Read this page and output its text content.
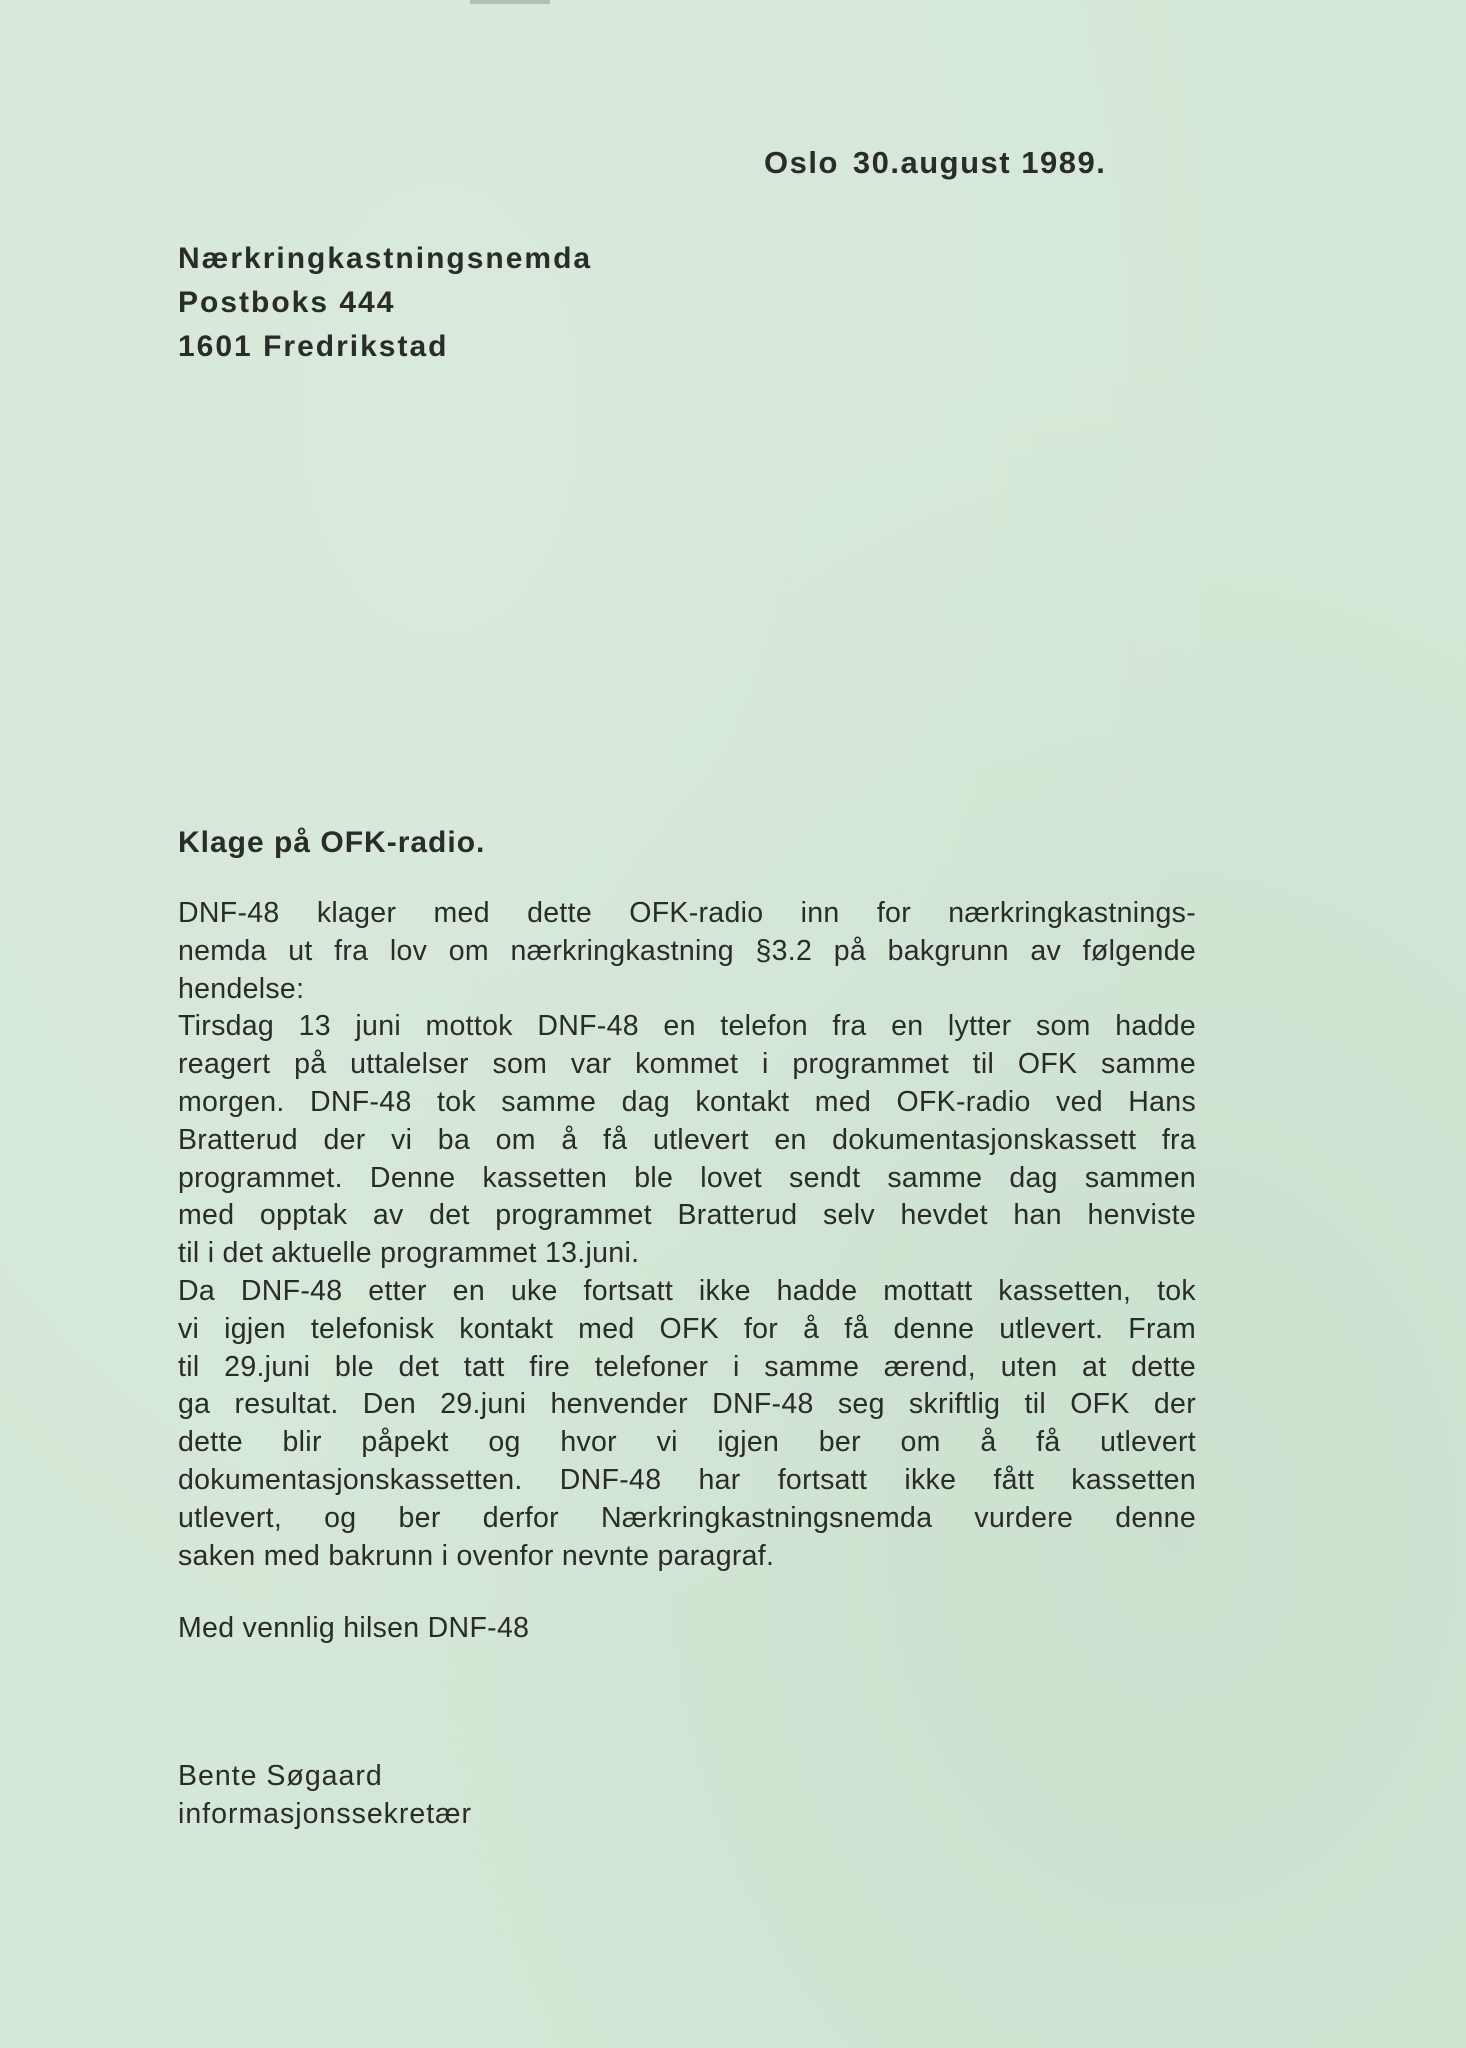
Oslo 30.august 1989.
Nærkringkastningsnemda
Postboks 444
1601 Fredrikstad
Klage på OFK-radio.
DNF-48 klager med dette OFK-radio inn for nærkringkastnings-
nemda ut fra lov om nærkringkastning §3.2 på bakgrunn av følgende
hendelse:
Tirsdag 13 juni mottok DNF-48 en telefon fra en lytter som hadde
reagert på uttalelser som var kommet i programmet til OFK samme
morgen. DNF-48 tok samme dag kontakt med OFK-radio ved Hans
Bratterud der vi ba om å få utlevert en dokumentasjonskassett fra
programmet. Denne kassetten ble lovet sendt samme dag sammen
med opptak av det programmet Bratterud selv hevdet han henviste
til i det aktuelle programmet 13.juni.
Da DNF-48 etter en uke fortsatt ikke hadde mottatt kassetten, tok
vi igjen telefonisk kontakt med OFK for å få denne utlevert. Fram
til 29.juni ble det tatt fire telefoner i samme ærend, uten at dette
ga resultat. Den 29.juni henvender DNF-48 seg skriftlig til OFK der
dette blir påpekt og hvor vi igjen ber om å få utlevert
dokumentasjonskassetten. DNF-48 har fortsatt ikke fått kassetten
utlevert, og ber derfor Nærkringkastningsnemda vurdere denne
saken med bakrunn i ovenfor nevnte paragraf.
Med vennlig hilsen DNF-48
Bente Søgaard
informasjonssekretær
